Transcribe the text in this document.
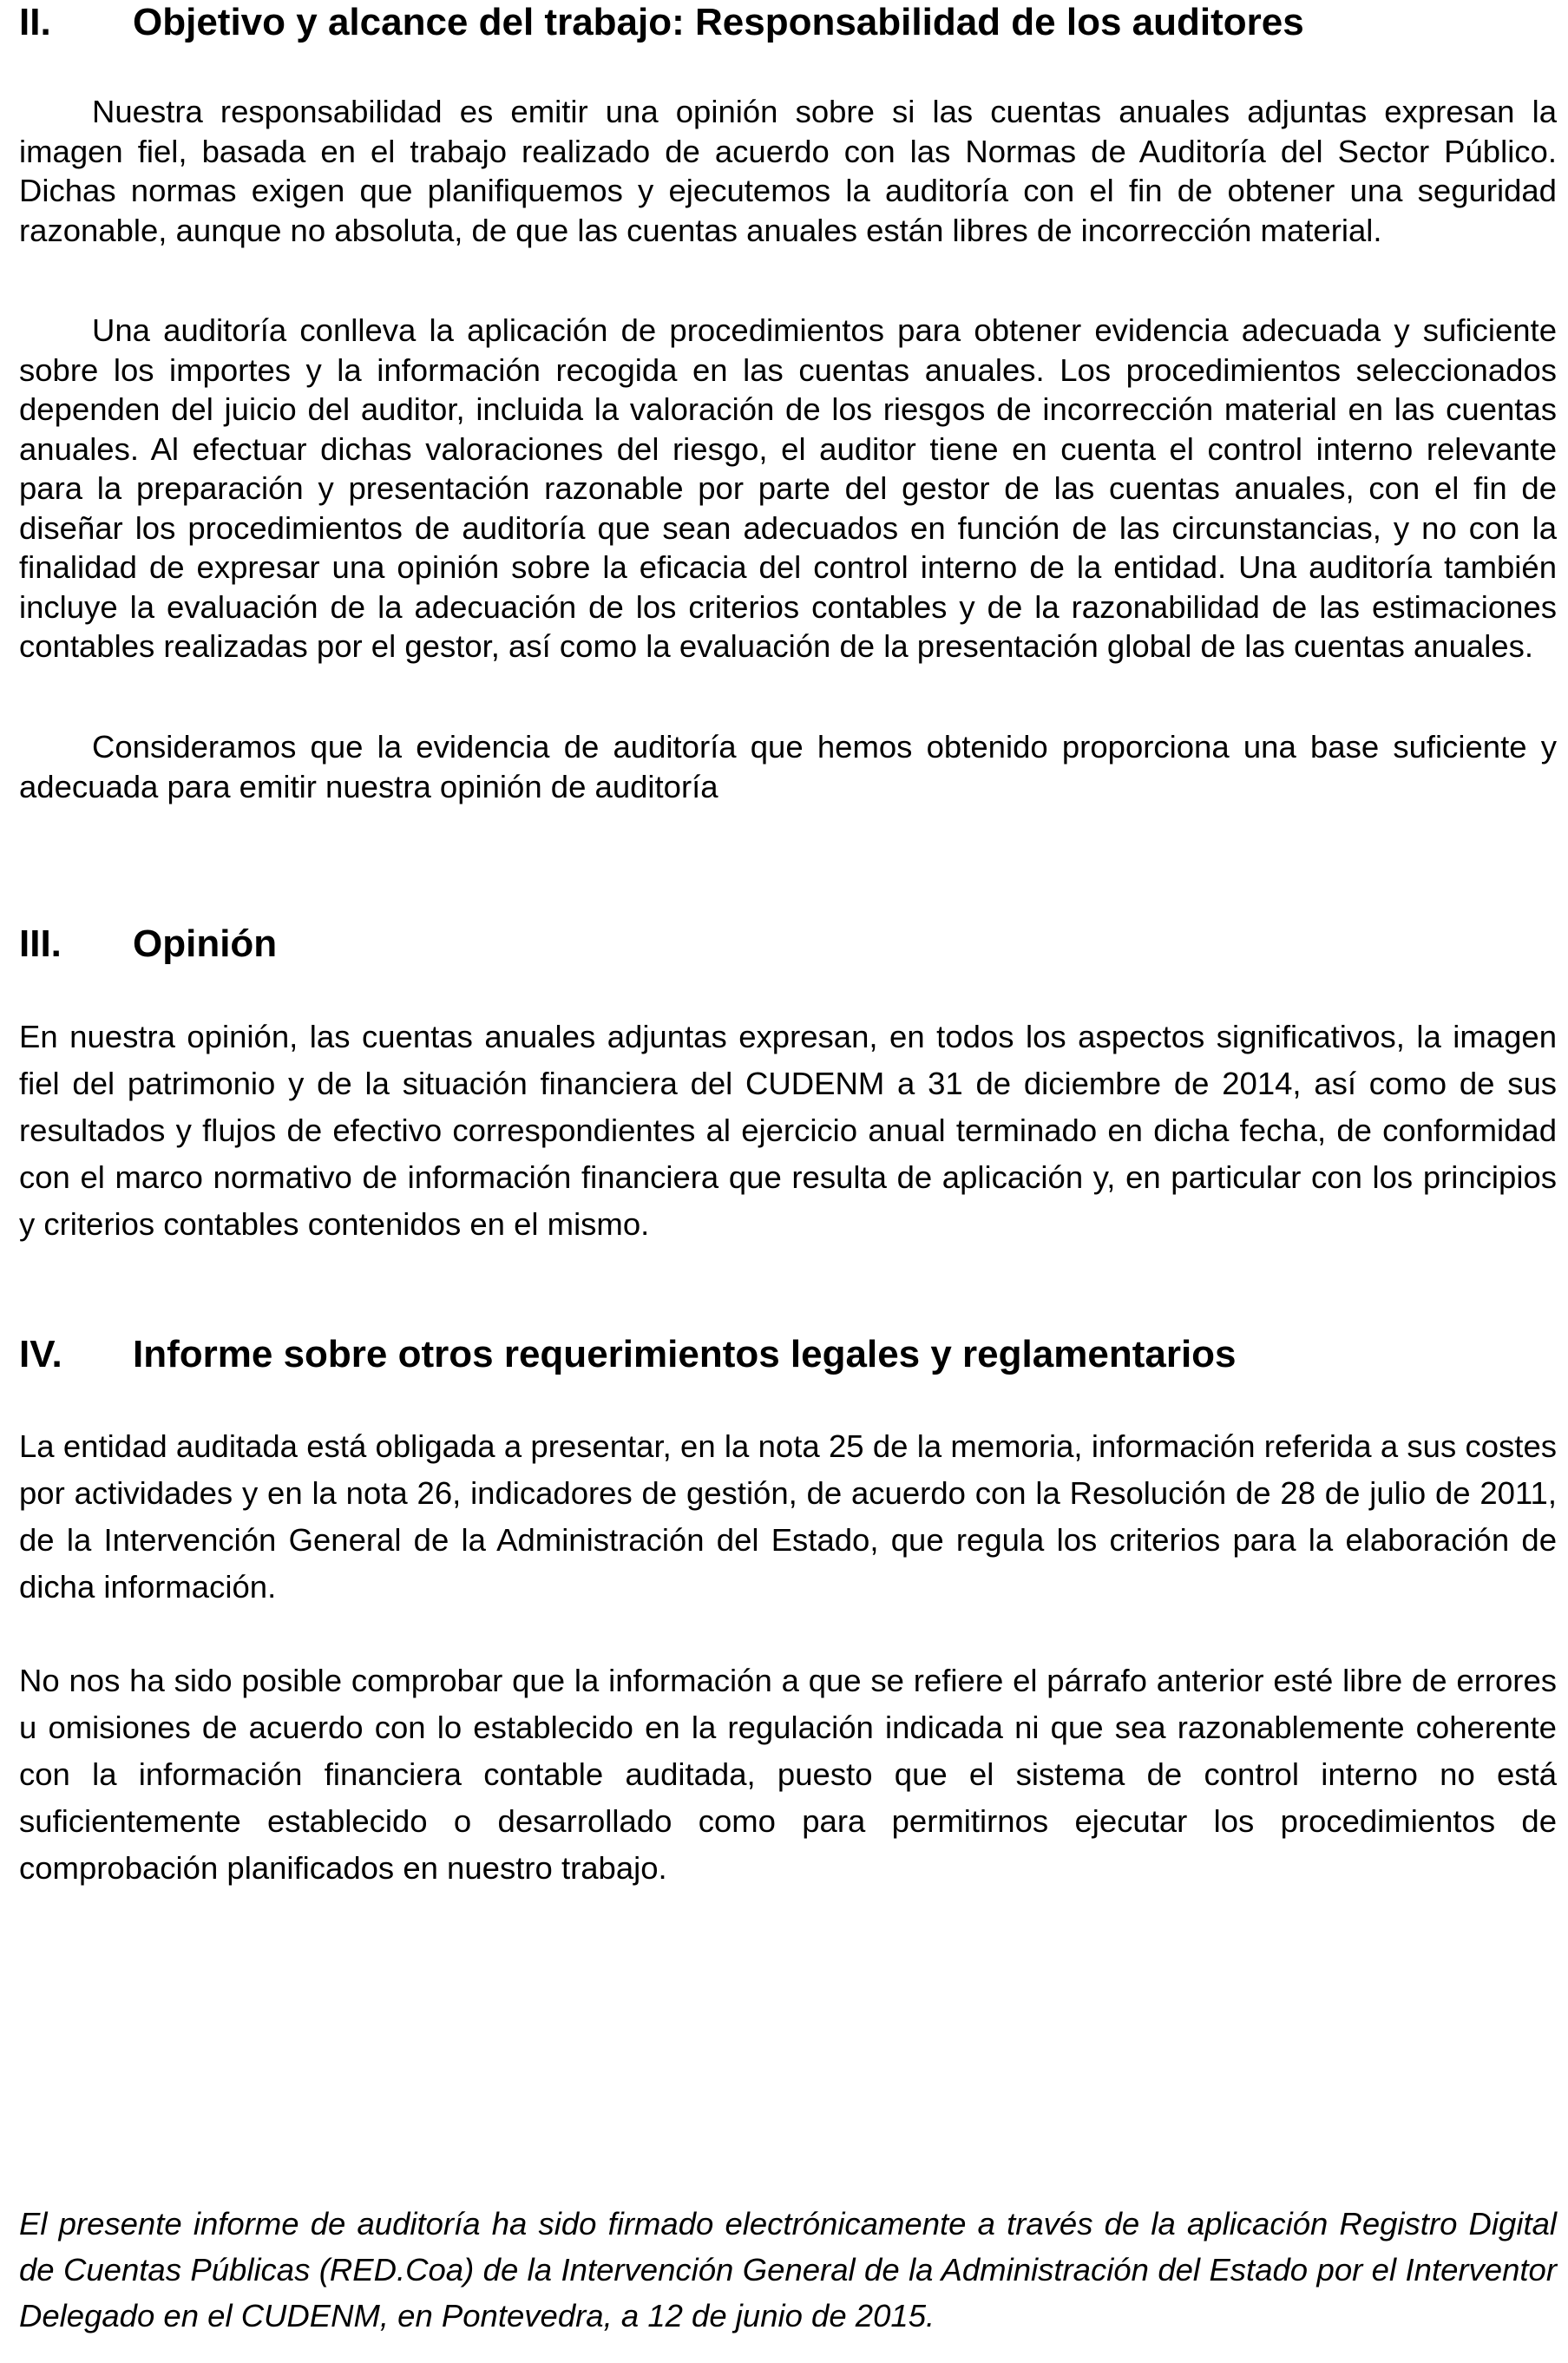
II.	Objetivo y alcance del trabajo: Responsabilidad de los auditores

Nuestra responsabilidad es emitir una opinión sobre si las cuentas anuales adjuntas expresan la imagen fiel, basada en el trabajo realizado de acuerdo con las Normas de Auditoría del Sector Público. Dichas normas exigen que planifiquemos y ejecutemos la auditoría con el fin de obtener una seguridad razonable, aunque no absoluta, de que las cuentas anuales están libres de incorrección material.

Una auditoría conlleva la aplicación de procedimientos para obtener evidencia adecuada y suficiente sobre los importes y la información recogida en las cuentas anuales. Los procedimientos seleccionados dependen del juicio del auditor, incluida la valoración de los riesgos de incorrección material en las cuentas anuales. Al efectuar dichas valoraciones del riesgo, el auditor tiene en cuenta el control interno relevante para la preparación y presentación razonable por parte del gestor de las cuentas anuales, con el fin de diseñar los procedimientos de auditoría que sean adecuados en función de las circunstancias, y no con la finalidad de expresar una opinión sobre la eficacia del control interno de la entidad. Una auditoría también incluye la evaluación de la adecuación de los criterios contables y de la razonabilidad de las estimaciones contables realizadas por el gestor, así como la evaluación de la presentación global de las cuentas anuales.

Consideramos que la evidencia de auditoría que hemos obtenido proporciona una base suficiente y adecuada para emitir nuestra opinión de auditoría

III.	Opinión

En nuestra opinión, las cuentas anuales adjuntas expresan, en todos los aspectos significativos, la imagen fiel del patrimonio y de la situación financiera del CUDENM a 31 de diciembre de 2014, así como de sus resultados y flujos de efectivo correspondientes al ejercicio anual terminado en dicha fecha, de conformidad con el marco normativo de información financiera que resulta de aplicación y, en particular con los principios y criterios contables contenidos en el mismo.

IV.	Informe sobre otros requerimientos legales y reglamentarios

La entidad auditada está obligada a presentar, en la nota 25 de la memoria, información referida a sus costes por actividades y en la nota 26, indicadores de gestión, de acuerdo con la Resolución de 28 de julio de 2011, de la Intervención General de la Administración del Estado, que regula los criterios para la elaboración de dicha información.

No nos ha sido posible comprobar que la información a que se refiere el párrafo anterior esté libre de errores u omisiones de acuerdo con lo establecido en la regulación indicada ni que sea razonablemente coherente con la información financiera contable auditada, puesto que el sistema de control interno no está suficientemente establecido o desarrollado como para permitirnos ejecutar los procedimientos de comprobación planificados en nuestro trabajo.

El presente informe de auditoría ha sido firmado electrónicamente a través de la aplicación Registro Digital de Cuentas Públicas (RED.Coa) de la Intervención General de la Administración del Estado por el Interventor Delegado en el CUDENM, en Pontevedra, a 12 de junio de 2015.
